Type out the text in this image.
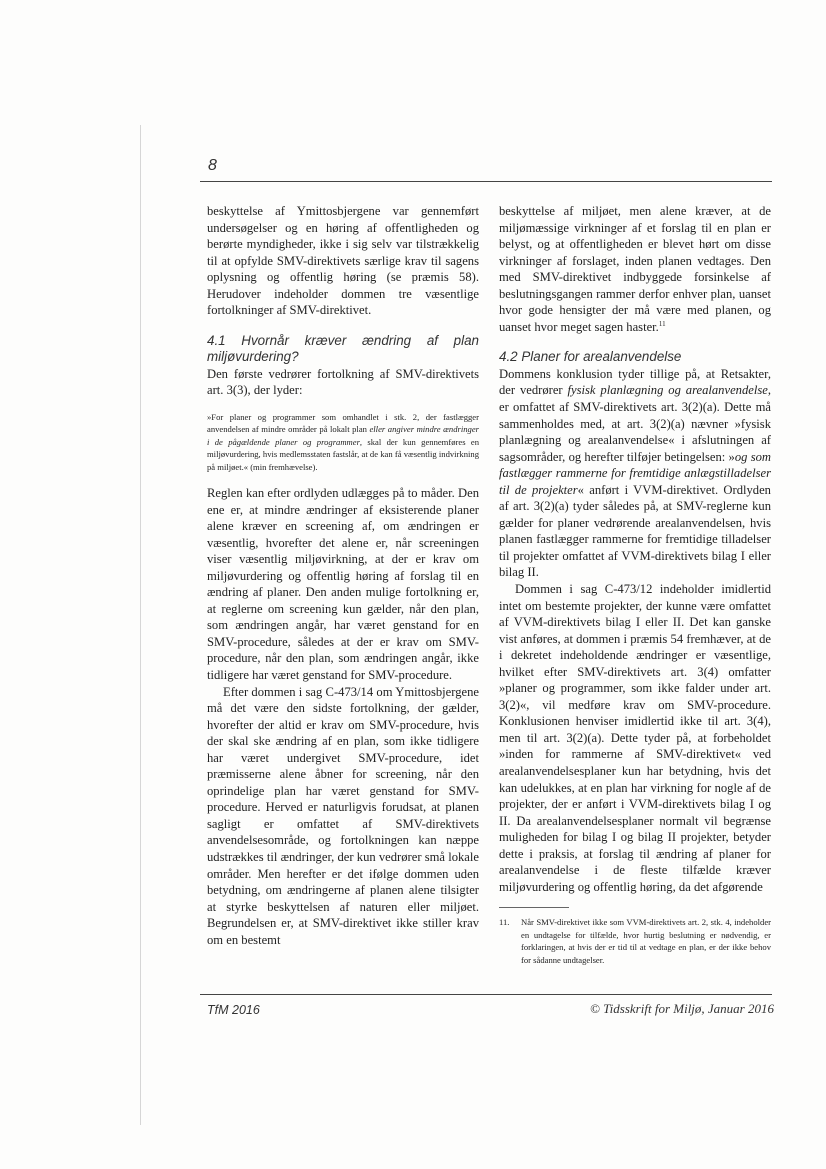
8

beskyttelse af Ymittosbjergene var gennemført undersøgelser og en høring af offentligheden og berørte myndigheder, ikke i sig selv var tilstrækkelig til at opfylde SMV-direktivets særlige krav til sagens oplysning og offentlig høring (se præmis 58). Herudover indeholder dommen tre væsentlige fortolkninger af SMV-direktivet.

4.1 Hvornår kræver ændring af plan miljøvurdering?

Den første vedrører fortolkning af SMV-direktivets art. 3(3), der lyder:

»For planer og programmer som omhandlet i stk. 2, der fastlægger anvendelsen af mindre områder på lokalt plan eller angiver mindre ændringer i de pågældende planer og programmer, skal der kun gennemføres en miljøvurdering, hvis medlemsstaten fastslår, at de kan få væsentlig indvirkning på miljøet.« (min fremhævelse).

Reglen kan efter ordlyden udlægges på to måder. Den ene er, at mindre ændringer af eksisterende planer alene kræver en screening af, om ændringen er væsentlig, hvorefter det alene er, når screeningen viser væsentlig miljøvirkning, at der er krav om miljøvurdering og offentlig høring af forslag til en ændring af planer. Den anden mulige fortolkning er, at reglerne om screening kun gælder, når den plan, som ændringen angår, har været genstand for en SMV-procedure, således at der er krav om SMV-procedure, når den plan, som ændringen angår, ikke tidligere har været genstand for SMV-procedure.

Efter dommen i sag C-473/14 om Ymittosbjergene må det være den sidste fortolkning, der gælder, hvorefter der altid er krav om SMV-procedure, hvis der skal ske ændring af en plan, som ikke tidligere har været undergivet SMV-procedure, idet præmisserne alene åbner for screening, når den oprindelige plan har været genstand for SMV-procedure. Herved er naturligvis forudsat, at planen sagligt er omfattet af SMV-direktivets anvendelsesområde, og fortolkningen kan næppe udstrækkes til ændringer, der kun vedrører små lokale områder. Men herefter er det ifølge dommen uden betydning, om ændringerne af planen alene tilsigter at styrke beskyttelsen af naturen eller miljøet. Begrundelsen er, at SMV-direktivet ikke stiller krav om en bestemt

beskyttelse af miljøet, men alene kræver, at de miljømæssige virkninger af et forslag til en plan er belyst, og at offentligheden er blevet hørt om disse virkninger af forslaget, inden planen vedtages. Den med SMV-direktivet indbyggede forsinkelse af beslutningsgangen rammer derfor enhver plan, uanset hvor gode hensigter der må være med planen, og uanset hvor meget sagen haster.$^{11}$

4.2 Planer for arealanvendelse

Dommens konklusion tyder tillige på, at Retsakter, der vedrører fysisk planlægning og arealanvendelse, er omfattet af SMV-direktivets art. 3(2)(a). Dette må sammenholdes med, at art. 3(2)(a) nævner »fysisk planlægning og arealanvendelse« i afslutningen af sagsområder, og herefter tilføjer betingelsen: »og som fastlægger rammerne for fremtidige anlægstilladelser til de projekter« anført i VVM-direktivet. Ordlyden af art. 3(2)(a) tyder således på, at SMV-reglerne kun gælder for planer vedrørende arealanvendelsen, hvis planen fastlægger rammerne for fremtidige tilladelser til projekter omfattet af VVM-direktivets bilag I eller bilag II.

Dommen i sag C-473/12 indeholder imidlertid intet om bestemte projekter, der kunne være omfattet af VVM-direktivets bilag I eller II. Det kan ganske vist anføres, at dommen i præmis 54 fremhæver, at de i dekretet indeholdende ændringer er væsentlige, hvilket efter SMV-direktivets art. 3(4) omfatter »planer og programmer, som ikke falder under art. 3(2)«, vil medføre krav om SMV-procedure. Konklusionen henviser imidlertid ikke til art. 3(4), men til art. 3(2)(a). Dette tyder på, at forbeholdet »inden for rammerne af SMV-direktivet« ved arealanvendelsesplaner kun har betydning, hvis det kan udelukkes, at en plan har virkning for nogle af de projekter, der er anført i VVM-direktivets bilag I og II. Da arealanvendelsesplaner normalt vil begrænse muligheden for bilag I og bilag II projekter, betyder dette i praksis, at forslag til ændring af planer for arealanvendelse i de fleste tilfælde kræver miljøvurdering og offentlig høring, da det afgørende

11. Når SMV-direktivet ikke som VVM-direktivets art. 2, stk. 4, indeholder en undtagelse for tilfælde, hvor hurtig beslutning er nødvendig, er forklaringen, at hvis der er tid til at vedtage en plan, er der ikke behov for sådanne undtagelser.

TfM 2016	© Tidsskrift for Miljø, Januar 2016
